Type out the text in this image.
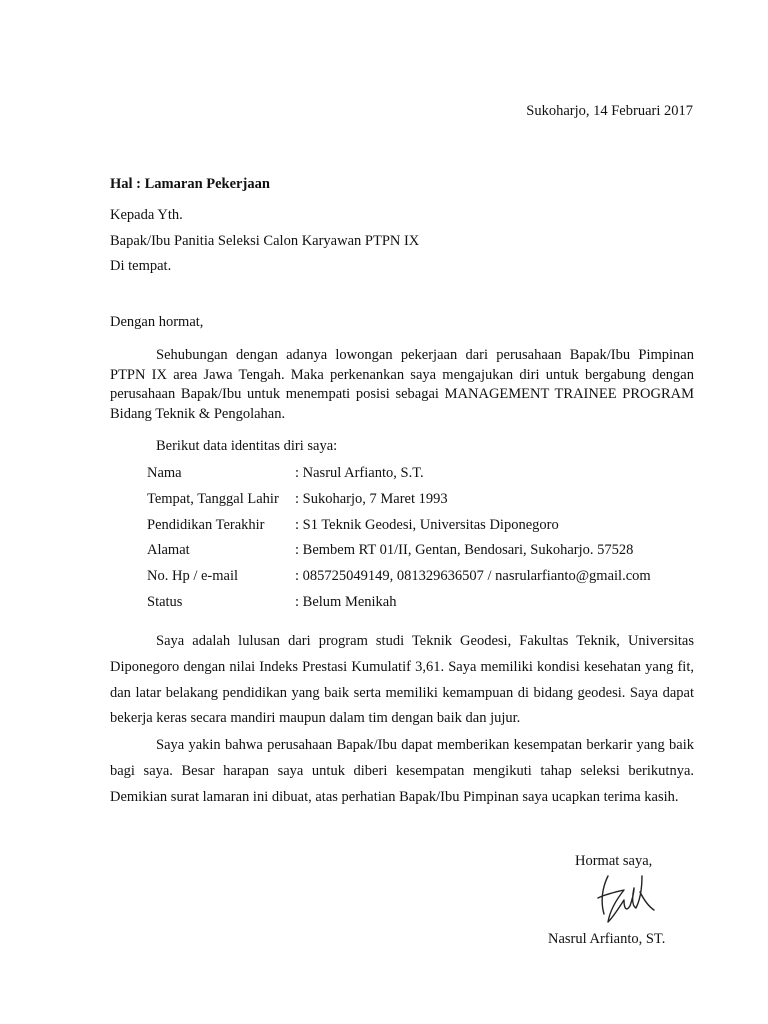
Sukoharjo, 14 Februari 2017
Hal : Lamaran Pekerjaan
Kepada Yth.
Bapak/Ibu Panitia Seleksi Calon Karyawan PTPN IX
Di tempat.
Dengan hormat,

Sehubungan dengan adanya lowongan pekerjaan dari perusahaan Bapak/Ibu Pimpinan PTPN IX area Jawa Tengah. Maka perkenankan saya mengajukan diri untuk bergabung dengan perusahaan Bapak/Ibu untuk menempati posisi sebagai MANAGEMENT TRAINEE PROGRAM Bidang Teknik & Pengolahan.

Berikut data identitas diri saya:
Nama	: Nasrul Arfianto, S.T.
Tempat, Tanggal Lahir	: Sukoharjo, 7 Maret 1993
Pendidikan Terakhir	: S1 Teknik Geodesi, Universitas Diponegoro
Alamat	: Bembem RT 01/II, Gentan, Bendosari, Sukoharjo. 57528
No. Hp / e-mail	: 085725049149, 081329636507 / nasrularfianto@gmail.com
Status	: Belum Menikah

Saya adalah lulusan dari program studi Teknik Geodesi, Fakultas Teknik, Universitas Diponegoro dengan nilai Indeks Prestasi Kumulatif 3,61. Saya memiliki kondisi kesehatan yang fit, dan latar belakang pendidikan yang baik serta memiliki kemampuan di bidang geodesi. Saya dapat bekerja keras secara mandiri maupun dalam tim dengan baik dan jujur.

Saya yakin bahwa perusahaan Bapak/Ibu dapat memberikan kesempatan berkarir yang baik bagi saya. Besar harapan saya untuk diberi kesempatan mengikuti tahap seleksi berikutnya. Demikian surat lamaran ini dibuat, atas perhatian Bapak/Ibu Pimpinan saya ucapkan terima kasih.

Hormat saya,
Nasrul Arfianto, ST.
